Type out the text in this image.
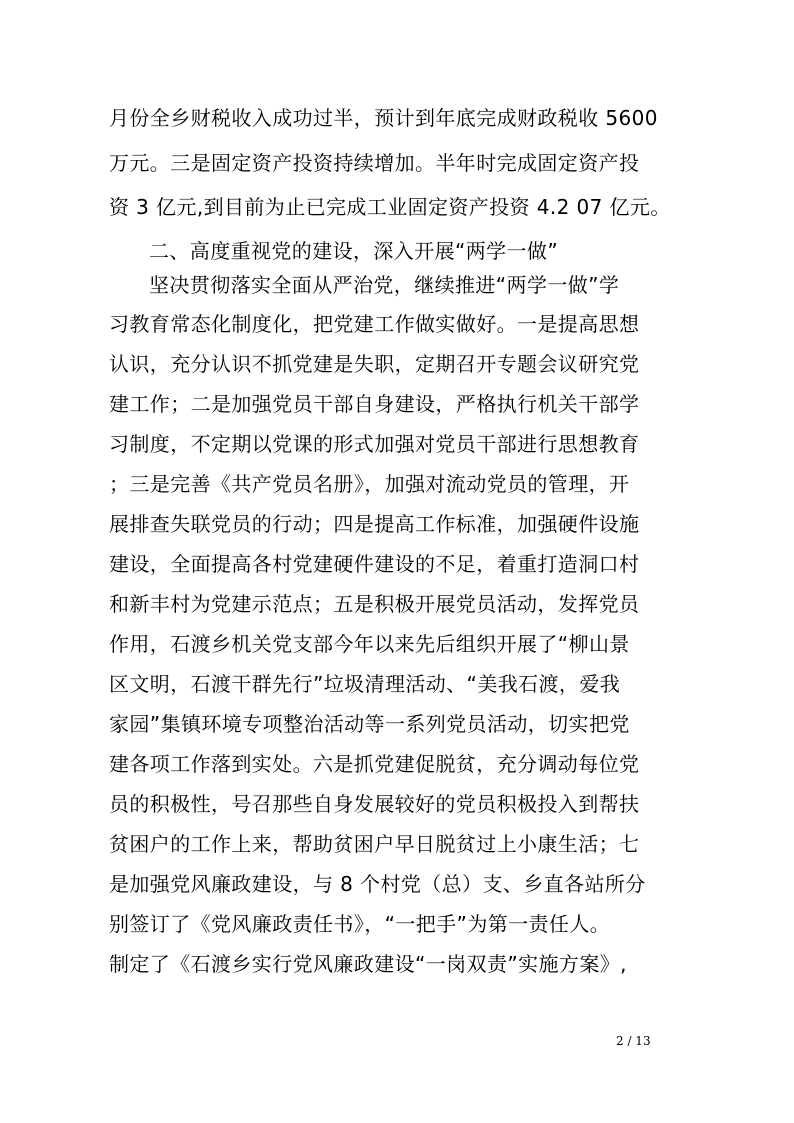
月份全乡财税收入成功过半，预计到年底完成财政税收 5600
万元。三是固定资产投资持续增加。半年时完成固定资产投
资 3 亿元,到目前为止已完成工业固定资产投资 4.2 07 亿元。
二、高度重视党的建设，深入开展“两学一做”
坚决贯彻落实全面从严治党，继续推进“两学一做”学
习教育常态化制度化，把党建工作做实做好。一是提高思想
认识，充分认识不抓党建是失职，定期召开专题会议研究党
建工作；二是加强党员干部自身建设，严格执行机关干部学
习制度，不定期以党课的形式加强对党员干部进行思想教育
；三是完善《共产党员名册》，加强对流动党员的管理，开
展排查失联党员的行动；四是提高工作标准，加强硬件设施
建设，全面提高各村党建硬件建设的不足，着重打造洞口村
和新丰村为党建示范点；五是积极开展党员活动，发挥党员
作用，石渡乡机关党支部今年以来先后组织开展了“柳山景
区文明，石渡干群先行”垃圾清理活动、“美我石渡，爱我
家园”集镇环境专项整治活动等一系列党员活动，切实把党
建各项工作落到实处。六是抓党建促脱贫，充分调动每位党
员的积极性，号召那些自身发展较好的党员积极投入到帮扶
贫困户的工作上来，帮助贫困户早日脱贫过上小康生活；七
是加强党风廉政建设，与 8 个村党（总）支、乡直各站所分
别签订了《党风廉政责任书》，“一把手”为第一责任人。
制定了《石渡乡实行党风廉政建设“一岗双责”实施方案》,
2 / 13
